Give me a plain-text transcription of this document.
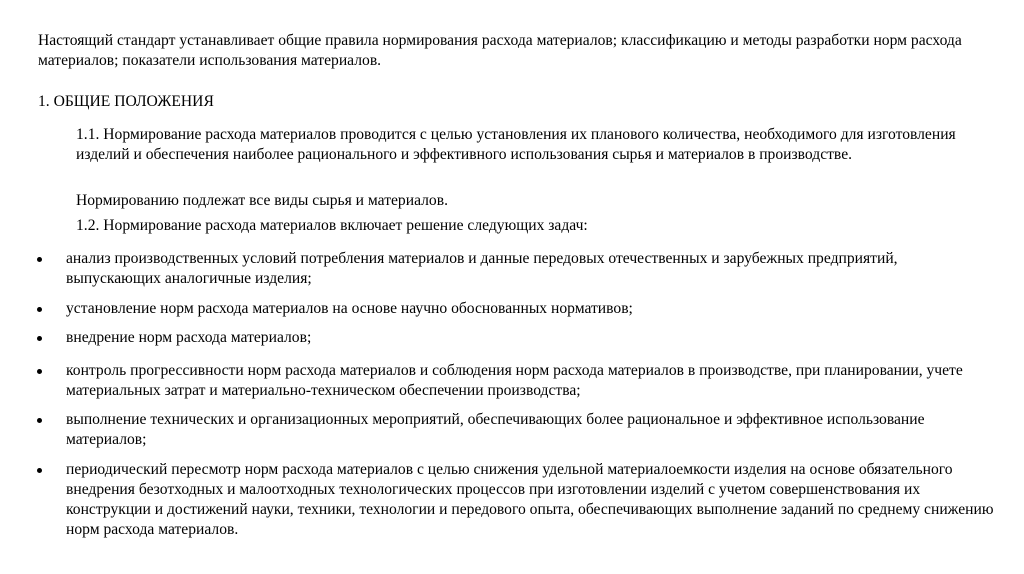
Настоящий стандарт устанавливает общие правила нормирования расхода материалов; классификацию и методы разработки норм расхода материалов; показатели использования материалов.

1. ОБЩИЕ ПОЛОЖЕНИЯ

1.1. Нормирование расхода материалов проводится с целью установления их планового количества, необходимого для изготовления изделий и обеспечения наиболее рационального и эффективного использования сырья и материалов в производстве.

Нормированию подлежат все виды сырья и материалов.

1.2. Нормирование расхода материалов включает решение следующих задач:

анализ производственных условий потребления материалов и данные передовых отечественных и зарубежных предприятий, выпускающих аналогичные изделия;

установление норм расхода материалов на основе научно обоснованных нормативов;

внедрение норм расхода материалов;

контроль прогрессивности норм расхода материалов и соблюдения норм расхода материалов в производстве, при планировании, учете материальных затрат и материально-техническом обеспечении производства;

выполнение технических и организационных мероприятий, обеспечивающих более рациональное и эффективное использование материалов;

периодический пересмотр норм расхода материалов с целью снижения удельной материалоемкости изделия на основе обязательного внедрения безотходных и малоотходных технологических процессов при изготовлении изделий с учетом совершенствования их конструкции и достижений науки, техники, технологии и передового опыта, обеспечивающих выполнение заданий по среднему снижению норм расхода материалов.
